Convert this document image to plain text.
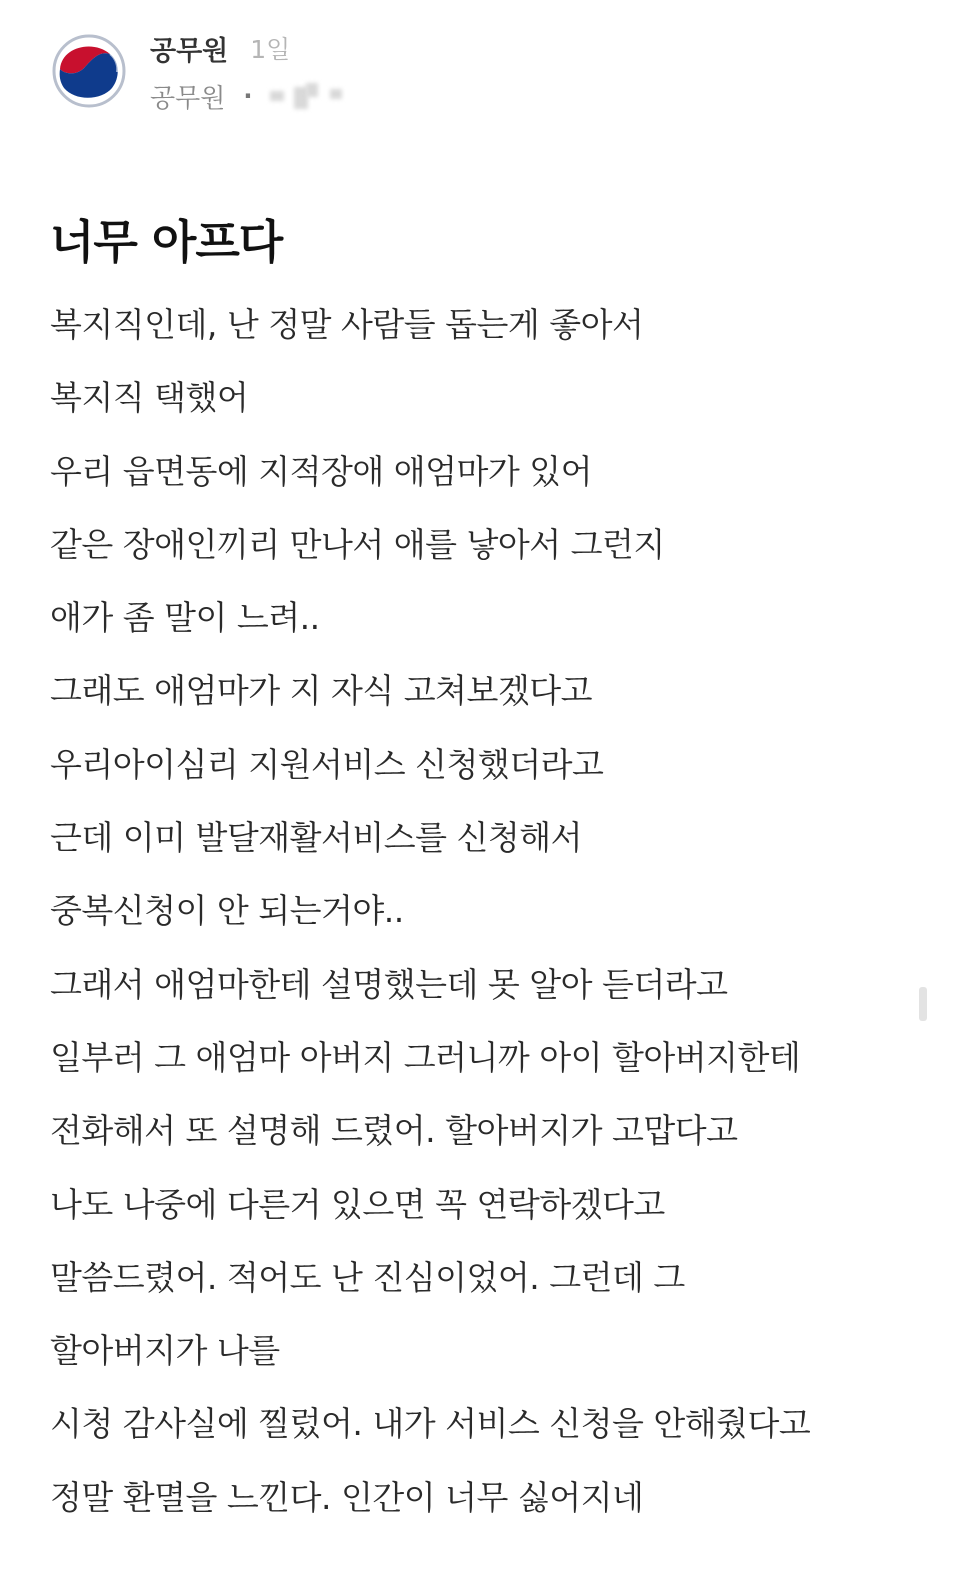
공무원 1일
공무원 ·
너무 아프다
복지직인데, 난 정말 사람들 돕는게 좋아서
복지직 택했어
우리 읍면동에 지적장애 애엄마가 있어
같은 장애인끼리 만나서 애를 낳아서 그런지
애가 좀 말이 느려..
그래도 애엄마가 지 자식 고쳐보겠다고
우리아이심리 지원서비스 신청했더라고
근데 이미 발달재활서비스를 신청해서
중복신청이 안 되는거야..
그래서 애엄마한테 설명했는데 못 알아 듣더라고
일부러 그 애엄마 아버지 그러니까 아이 할아버지한테
전화해서 또 설명해 드렸어. 할아버지가 고맙다고
나도 나중에 다른거 있으면 꼭 연락하겠다고
말씀드렸어. 적어도 난 진심이었어. 그런데 그
할아버지가 나를
시청 감사실에 찔렀어. 내가 서비스 신청을 안해줬다고
정말 환멸을 느낀다. 인간이 너무 싫어지네
